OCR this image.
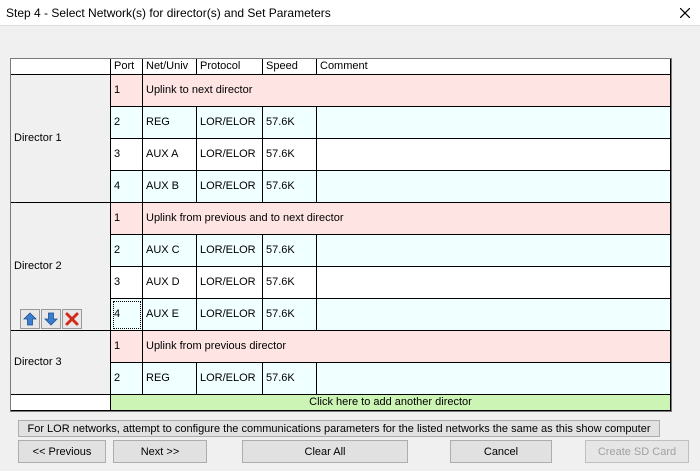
Step 4 - Select Network(s) for director(s) and Set Parameters
Port	Net/Univ	Protocol	Speed	Comment
Director 1
1	Uplink to next director
2	REG	LOR/ELOR 57.6K
3	AUX A	LOR/ELOR 57.6K
4	AUX B	LOR/ELOR 57.6K
Director 2
1	Uplink from previous and to next director
2	AUX C	LOR/ELOR 57.6K
3	AUX D	LOR/ELOR 57.6K
4	AUX E	LOR/ELOR 57.6K
Director 3
1	Uplink from previous director
2	REG	LOR/ELOR 57.6K
Click here to add another director
For LOR networks, attempt to configure the communications parameters for the listed networks the same as this show computer
<< Previous	Next >>	Clear All	Cancel	Create SD Card
